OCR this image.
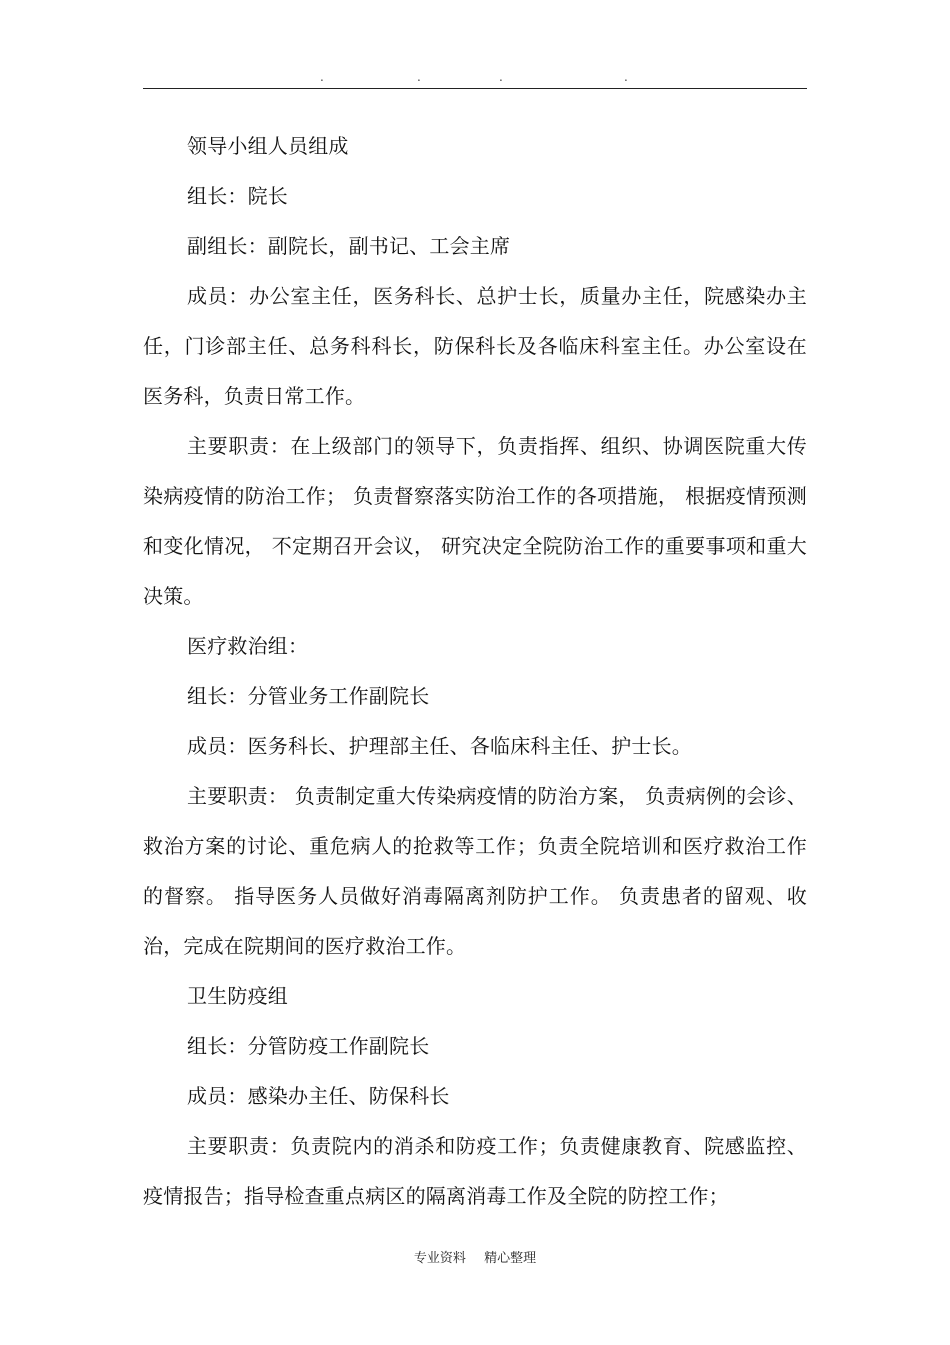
.	.	.	.

领导小组人员组成

组长：院长

副组长：副院长，副书记、工会主席

成员：办公室主任，医务科长、总护士长，质量办主任，院感染办主任，门诊部主任、总务科科长，防保科长及各临床科室主任。办公室设在医务科，负责日常工作。

主要职责：在上级部门的领导下，负责指挥、组织、协调医院重大传染病疫情的防治工作； 负责督察落实防治工作的各项措施， 根据疫情预测和变化情况， 不定期召开会议， 研究决定全院防治工作的重要事项和重大决策。

医疗救治组：

组长：分管业务工作副院长

成员：医务科长、护理部主任、各临床科主任、护士长。

主要职责： 负责制定重大传染病疫情的防治方案， 负责病例的会诊、救治方案的讨论、重危病人的抢救等工作；负责全院培训和医疗救治工作的督察。 指导医务人员做好消毒隔离剂防护工作。 负责患者的留观、收治，完成在院期间的医疗救治工作。

卫生防疫组

组长：分管防疫工作副院长

成员：感染办主任、防保科长

主要职责：负责院内的消杀和防疫工作；负责健康教育、院感监控、疫情报告；指导检查重点病区的隔离消毒工作及全院的防控工作；

专业资料 精心整理
